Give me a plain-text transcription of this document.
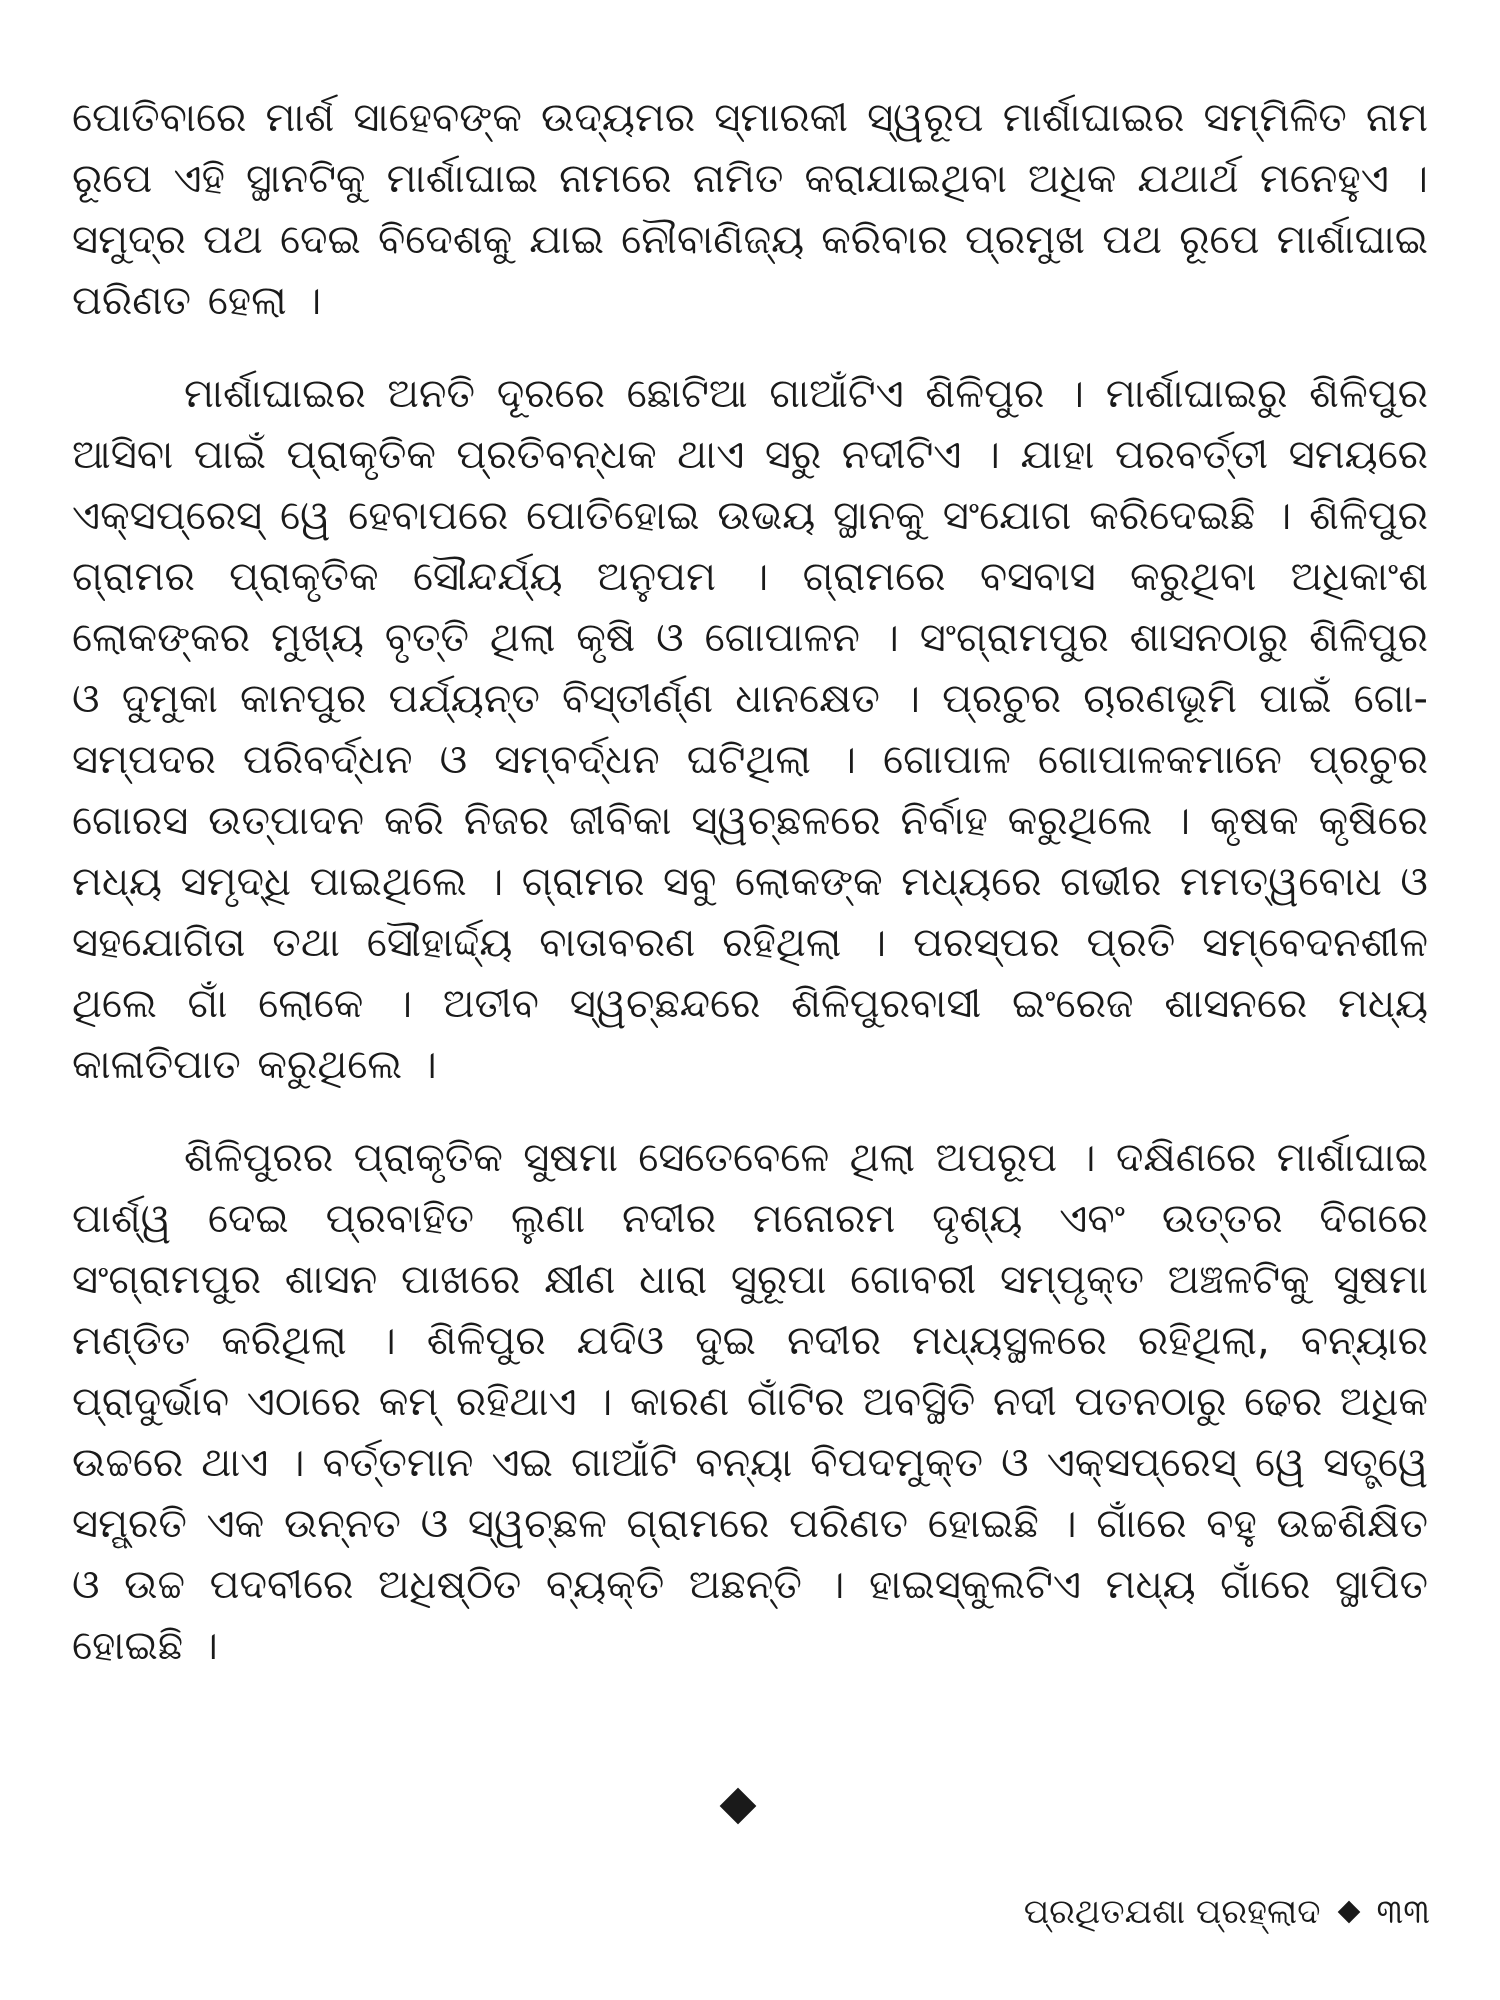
ପୋତିବାରେ ମାର୍ଶ ସାହେବଙ୍କ ଉଦ୍ୟମର ସ୍ମାରକୀ ସ୍ୱରୂପ ମାର୍ଶାଘାଇର ସମ୍ମିଳିତ ନାମ ରୂପେ ଏହି ସ୍ଥାନଟିକୁ ମାର୍ଶାଘାଇ ନାମରେ ନାମିତ କରାଯାଇଥିବା ଅଧିକ ଯଥାର୍ଥ ମନେହୁଏ । ସମୁଦ୍ର ପଥ ଦେଇ ବିଦେଶକୁ ଯାଇ ନୌବାଣିଜ୍ୟ କରିବାର ପ୍ରମୁଖ ପଥ ରୂପେ ମାର୍ଶାଘାଇ ପରିଣତ ହେଲା ।

ମାର୍ଶାଘାଇର ଅନତି ଦୂରରେ ଛୋଟିଆ ଗାଆଁଟିଏ ଶିଳିପୁର । ମାର୍ଶାଘାଇରୁ ଶିଳିପୁର ଆସିବା ପାଇଁ ପ୍ରାକୃତିକ ପ୍ରତିବନ୍ଧକ ଥାଏ ସରୁ ନଦୀଟିଏ । ଯାହା ପରବର୍ତ୍ତୀ ସମୟରେ ଏକ୍ସପ୍ରେସ୍ ୱେ ହେବାପରେ ପୋତିହୋଇ ଉଭୟ ସ୍ଥାନକୁ ସଂଯୋଗ କରିଦେଇଛି । ଶିଳିପୁର ଗ୍ରାମର ପ୍ରାକୃତିକ ସୌନ୍ଦର୍ଯ୍ୟ ଅନୁପମ । ଗ୍ରାମରେ ବସବାସ କରୁଥିବା ଅଧିକାଂଶ ଲୋକଙ୍କର ମୁଖ୍ୟ ବୃତ୍ତି ଥିଲା କୃଷି ଓ ଗୋପାଳନ । ସଂଗ୍ରାମପୁର ଶାସନଠାରୁ ଶିଳିପୁର ଓ ଦୁମୁକା କାନପୁର ପର୍ଯ୍ୟନ୍ତ ବିସ୍ତୀର୍ଣ୍ଣ ଧାନକ୍ଷେତ । ପ୍ରଚୁର ଚାରଣଭୂମି ପାଇଁ ଗୋ-ସମ୍ପଦର ପରିବର୍ଦ୍ଧନ ଓ ସମ୍ବର୍ଦ୍ଧନ ଘଟିଥିଲା । ଗୋପାଳ ଗୋପାଳକମାନେ ପ୍ରଚୁର ଗୋରସ ଉତ୍ପାଦନ କରି ନିଜର ଜୀବିକା ସ୍ୱଚ୍ଛଳରେ ନିର୍ବାହ କରୁଥିଲେ । କୃଷକ କୃଷିରେ ମଧ୍ୟ ସମୃଦ୍ଧି ପାଇଥିଲେ । ଗ୍ରାମର ସବୁ ଲୋକଙ୍କ ମଧ୍ୟରେ ଗଭୀର ମମତ୍ୱବୋଧ ଓ ସହଯୋଗିତା ତଥା ସୌହାର୍ଦ୍ଦ୍ୟ ବାତାବରଣ ରହିଥିଲା । ପରସ୍ପର ପ୍ରତି ସମ୍ବେଦନଶୀଳ ଥିଲେ ଗାଁ ଲୋକେ । ଅତୀବ ସ୍ୱଚ୍ଛନ୍ଦରେ ଶିଳିପୁରବାସୀ ଇଂରେଜ ଶାସନରେ ମଧ୍ୟ କାଳାତିପାତ କରୁଥିଲେ ।

ଶିଳିପୁରର ପ୍ରାକୃତିକ ସୁଷମା ସେତେବେଳେ ଥିଲା ଅପରୂପ । ଦକ୍ଷିଣରେ ମାର୍ଶାଘାଇ ପାର୍ଶ୍ୱ ଦେଇ ପ୍ରବାହିତ ଲୁଣା ନଦୀର ମନୋରମ ଦୃଶ୍ୟ ଏବଂ ଉତ୍ତର ଦିଗରେ ସଂଗ୍ରାମପୁର ଶାସନ ପାଖରେ କ୍ଷୀଣ ଧାରା ସୁରୂପା ଗୋବରୀ ସମ୍ପୃକ୍ତ ଅଞ୍ଚଳଟିକୁ ସୁଷମା ମଣ୍ଡିତ କରିଥିଲା । ଶିଳିପୁର ଯଦିଓ ଦୁଇ ନଦୀର ମଧ୍ୟସ୍ଥଳରେ ରହିଥିଲା, ବନ୍ୟାର ପ୍ରାଦୁର୍ଭାବ ଏଠାରେ କମ୍ ରହିଥାଏ । କାରଣ ଗାଁଟିର ଅବସ୍ଥିତି ନଦୀ ପତନଠାରୁ ଢେର ଅଧିକ ଉଚ୍ଚରେ ଥାଏ । ବର୍ତ୍ତମାନ ଏଇ ଗାଆଁଟି ବନ୍ୟା ବିପଦମୁକ୍ତ ଓ ଏକ୍ସପ୍ରେସ୍ ୱେ ସତ୍ତ୍ୱେ ସମ୍ପ୍ରତି ଏକ ଉନ୍ନତ ଓ ସ୍ୱଚ୍ଛଳ ଗ୍ରାମରେ ପରିଣତ ହୋଇଛି । ଗାଁରେ ବହୁ ଉଚ୍ଚଶିକ୍ଷିତ ଓ ଉଚ୍ଚ ପଦବୀରେ ଅଧିଷ୍ଠିତ ବ୍ୟକ୍ତି ଅଛନ୍ତି । ହାଇସ୍କୁଲଟିଏ ମଧ୍ୟ ଗାଁରେ ସ୍ଥାପିତ ହୋଇଛି ।

ପ୍ରଥିତଯଶା ପ୍ରହ୍ଲାଦ ୩୩
